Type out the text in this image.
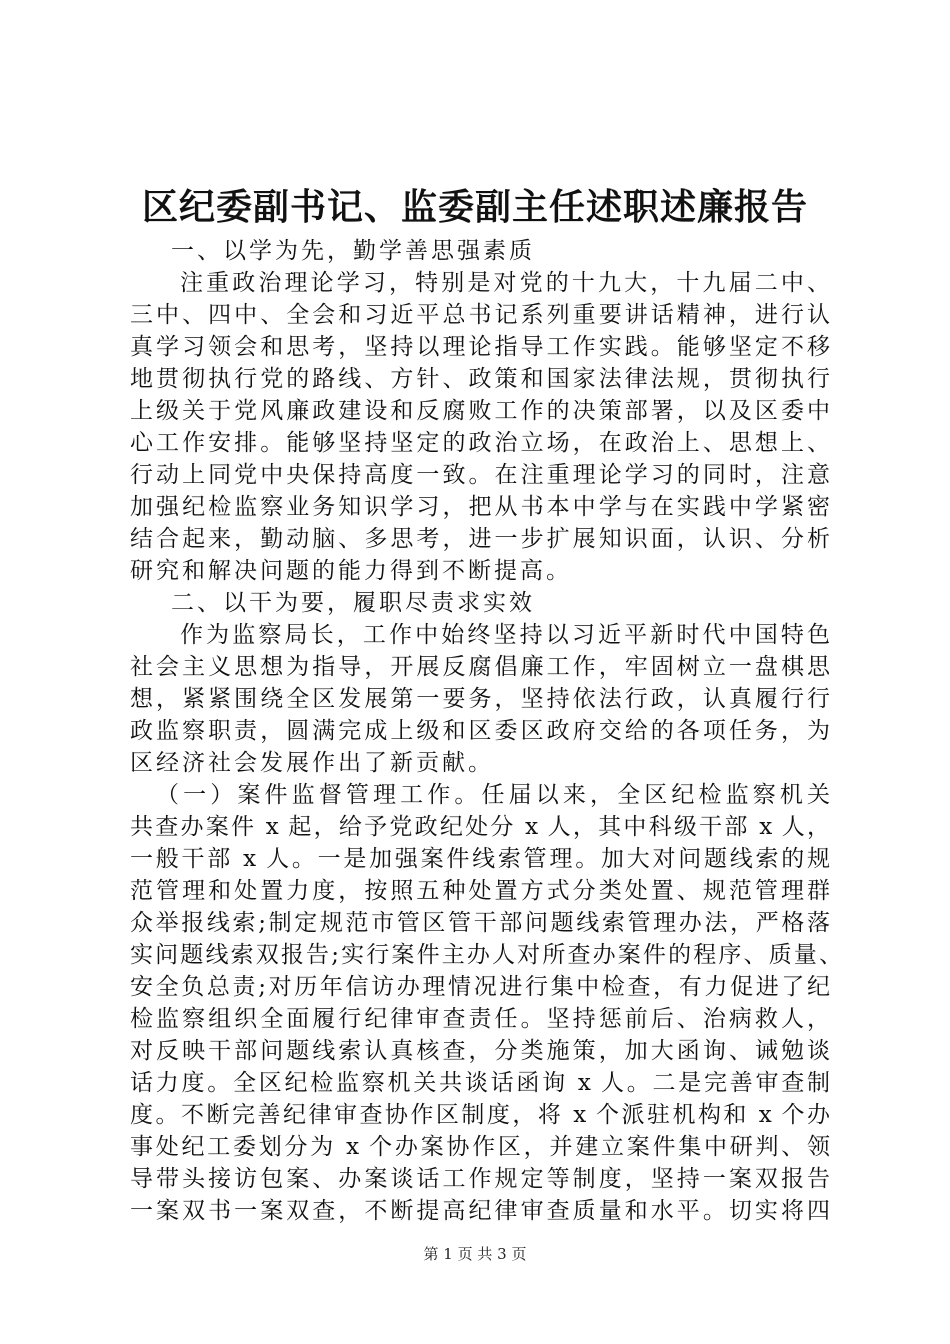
区纪委副书记、监委副主任述职述廉报告

一、以学为先，勤学善思强素质

注重政治理论学习，特别是对党的十九大，十九届二中、

三中、四中、全会和习近平总书记系列重要讲话精神，进行认

真学习领会和思考，坚持以理论指导工作实践。能够坚定不移

地贯彻执行党的路线、方针、政策和国家法律法规，贯彻执行

上级关于党风廉政建设和反腐败工作的决策部署，以及区委中

心工作安排。能够坚持坚定的政治立场，在政治上、思想上、

行动上同党中央保持高度一致。在注重理论学习的同时，注意

加强纪检监察业务知识学习，把从书本中学与在实践中学紧密

结合起来，勤动脑、多思考，进一步扩展知识面，认识、分析

研究和解决问题的能力得到不断提高。

二、以干为要，履职尽责求实效

作为监察局长，工作中始终坚持以习近平新时代中国特色

社会主义思想为指导，开展反腐倡廉工作，牢固树立一盘棋思

想，紧紧围绕全区发展第一要务，坚持依法行政，认真履行行

政监察职责，圆满完成上级和区委区政府交给的各项任务，为

区经济社会发展作出了新贡献。

（一）案件监督管理工作。任届以来，全区纪检监察机关

共查办案件 x 起，给予党政纪处分 x 人，其中科级干部 x 人，

一般干部 x 人。一是加强案件线索管理。加大对问题线索的规

范管理和处置力度，按照五种处置方式分类处置、规范管理群

众举报线索;制定规范市管区管干部问题线索管理办法，严格落

实问题线索双报告;实行案件主办人对所查办案件的程序、质量、

安全负总责;对历年信访办理情况进行集中检查，有力促进了纪

检监察组织全面履行纪律审查责任。坚持惩前后、治病救人，

对反映干部问题线索认真核查，分类施策，加大函询、诫勉谈

话力度。全区纪检监察机关共谈话函询 x 人。二是完善审查制

度。不断完善纪律审查协作区制度，将 x 个派驻机构和 x 个办

事处纪工委划分为 x 个办案协作区，并建立案件集中研判、领

导带头接访包案、办案谈话工作规定等制度，坚持一案双报告

一案双书一案双查，不断提高纪律审查质量和水平。切实将四

第 1 页 共 3 页
